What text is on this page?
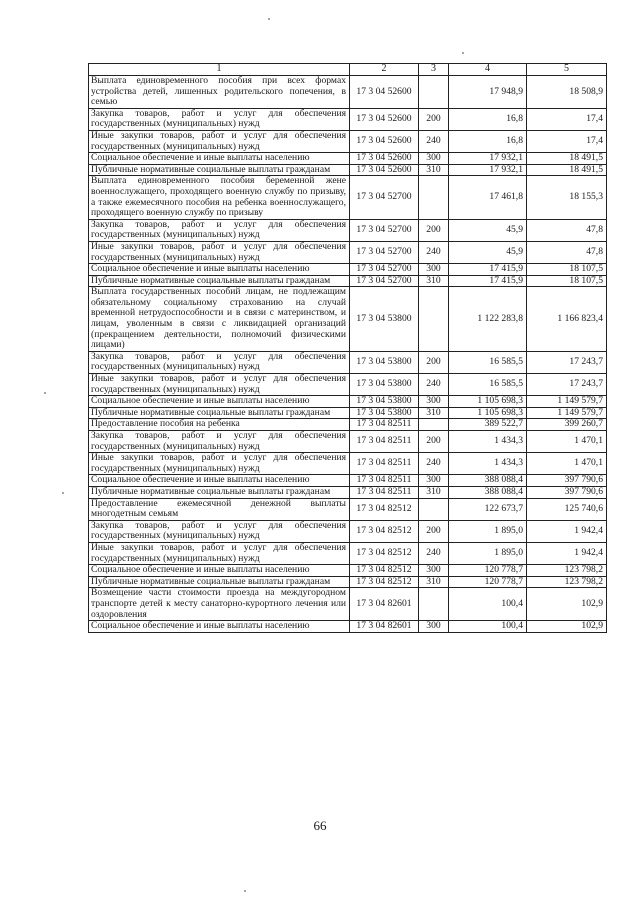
1	2	3	4	5
Выплата единовременного пособия при всех формах устройства детей, лишенных родительского попечения, в семью	17 3 04 52600		17 948,9	18 508,9
Закупка товаров, работ и услуг для обеспечения государственных (муниципальных) нужд	17 3 04 52600	200	16,8	17,4
Иные закупки товаров, работ и услуг для обеспечения государственных (муниципальных) нужд	17 3 04 52600	240	16,8	17,4
Социальное обеспечение и иные выплаты населению	17 3 04 52600	300	17 932,1	18 491,5
Публичные нормативные социальные выплаты гражданам	17 3 04 52600	310	17 932,1	18 491,5
Выплата единовременного пособия беременной жене военнослужащего, проходящего военную службу по призыву, а также ежемесячного пособия на ребенка военнослужащего, проходящего военную службу по призыву	17 3 04 52700		17 461,8	18 155,3
Закупка товаров, работ и услуг для обеспечения государственных (муниципальных) нужд	17 3 04 52700	200	45,9	47,8
Иные закупки товаров, работ и услуг для обеспечения государственных (муниципальных) нужд	17 3 04 52700	240	45,9	47,8
Социальное обеспечение и иные выплаты населению	17 3 04 52700	300	17 415,9	18 107,5
Публичные нормативные социальные выплаты гражданам	17 3 04 52700	310	17 415,9	18 107,5
Выплата государственных пособий лицам, не подлежащим обязательному социальному страхованию на случай временной нетрудоспособности и в связи с материнством, и лицам, уволенным в связи с ликвидацией организаций (прекращением деятельности, полномочий физическими лицами)	17 3 04 53800		1 122 283,8	1 166 823,4
Закупка товаров, работ и услуг для обеспечения государственных (муниципальных) нужд	17 3 04 53800	200	16 585,5	17 243,7
Иные закупки товаров, работ и услуг для обеспечения государственных (муниципальных) нужд	17 3 04 53800	240	16 585,5	17 243,7
Социальное обеспечение и иные выплаты населению	17 3 04 53800	300	1 105 698,3	1 149 579,7
Публичные нормативные социальные выплаты гражданам	17 3 04 53800	310	1 105 698,3	1 149 579,7
Предоставление пособия на ребенка	17 3 04 82511		389 522,7	399 260,7
Закупка товаров, работ и услуг для обеспечения государственных (муниципальных) нужд	17 3 04 82511	200	1 434,3	1 470,1
Иные закупки товаров, работ и услуг для обеспечения государственных (муниципальных) нужд	17 3 04 82511	240	1 434,3	1 470,1
Социальное обеспечение и иные выплаты населению	17 3 04 82511	300	388 088,4	397 790,6
Публичные нормативные социальные выплаты гражданам	17 3 04 82511	310	388 088,4	397 790,6
Предоставление ежемесячной денежной выплаты многодетным семьям	17 3 04 82512		122 673,7	125 740,6
Закупка товаров, работ и услуг для обеспечения государственных (муниципальных) нужд	17 3 04 82512	200	1 895,0	1 942,4
Иные закупки товаров, работ и услуг для обеспечения государственных (муниципальных) нужд	17 3 04 82512	240	1 895,0	1 942,4
Социальное обеспечение и иные выплаты населению	17 3 04 82512	300	120 778,7	123 798,2
Публичные нормативные социальные выплаты гражданам	17 3 04 82512	310	120 778,7	123 798,2
Возмещение части стоимости проезда на междугородном транспорте детей к месту санаторно-курортного лечения или оздоровления	17 3 04 82601		100,4	102,9
Социальное обеспечение и иные выплаты населению	17 3 04 82601	300	100,4	102,9
66
